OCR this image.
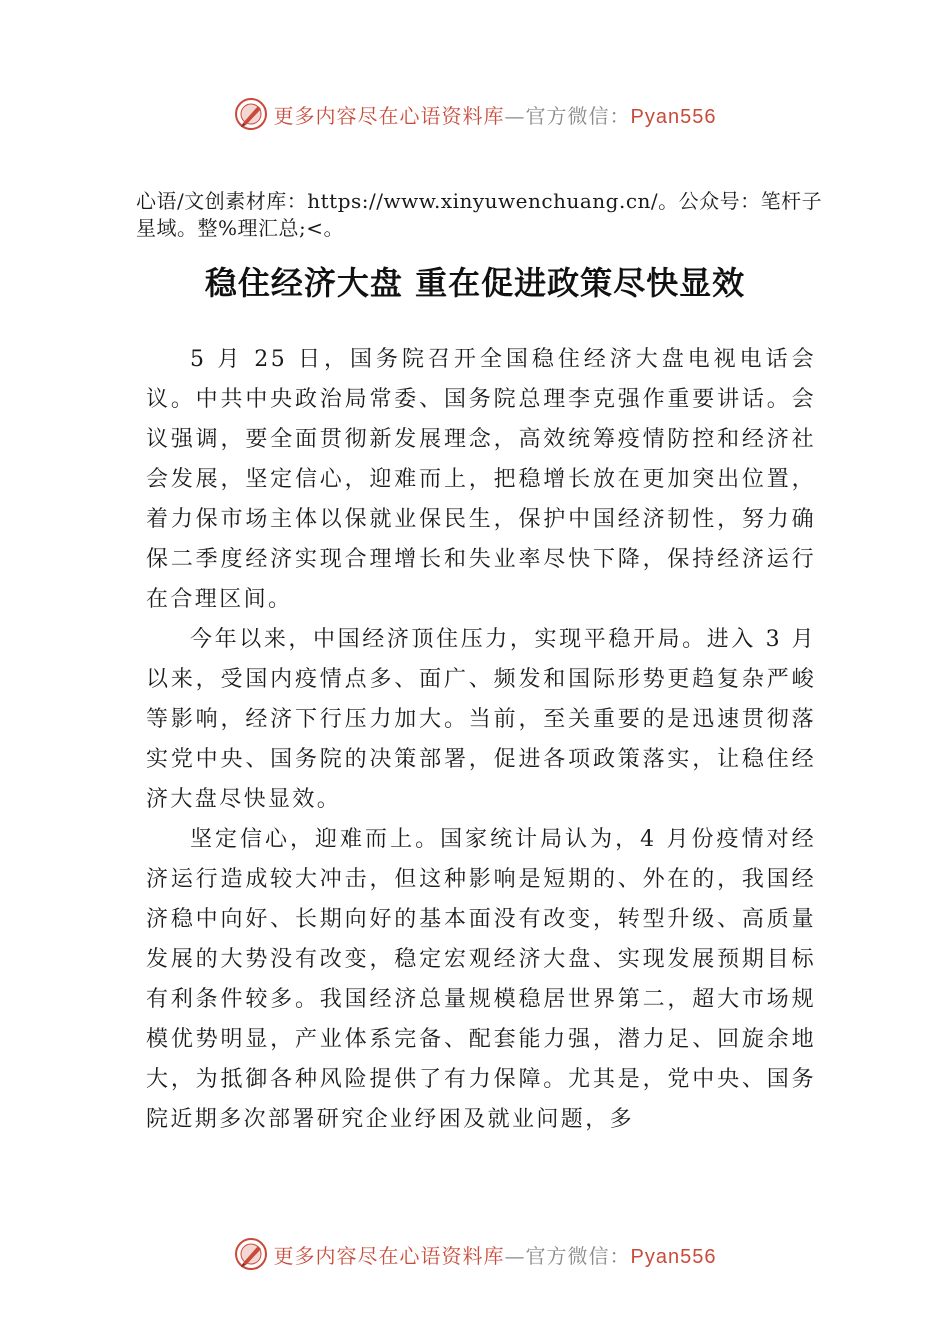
更多内容尽在心语资料库—官方微信：Pyan556
心语/文创素材库：https://www.xinyuwenchuang.cn/。公众号：笔杆子星域。整%理汇总;<。
稳住经济大盘 重在促进政策尽快显效

5 月 25 日，国务院召开全国稳住经济大盘电视电话会议。中共中央政治局常委、国务院总理李克强作重要讲话。会议强调，要全面贯彻新发展理念，高效统筹疫情防控和经济社会发展，坚定信心，迎难而上，把稳增长放在更加突出位置，着力保市场主体以保就业保民生，保护中国经济韧性，努力确保二季度经济实现合理增长和失业率尽快下降，保持经济运行在合理区间。

今年以来，中国经济顶住压力，实现平稳开局。进入 3 月以来，受国内疫情点多、面广、频发和国际形势更趋复杂严峻等影响，经济下行压力加大。当前，至关重要的是迅速贯彻落实党中央、国务院的决策部署，促进各项政策落实，让稳住经济大盘尽快显效。

坚定信心，迎难而上。国家统计局认为，4 月份疫情对经济运行造成较大冲击，但这种影响是短期的、外在的，我国经济稳中向好、长期向好的基本面没有改变，转型升级、高质量发展的大势没有改变，稳定宏观经济大盘、实现发展预期目标有利条件较多。我国经济总量规模稳居世界第二，超大市场规模优势明显，产业体系完备、配套能力强，潜力足、回旋余地大，为抵御各种风险提供了有力保障。尤其是，党中央、国务院近期多次部署研究企业纾困及就业问题，多

更多内容尽在心语资料库—官方微信：Pyan556
